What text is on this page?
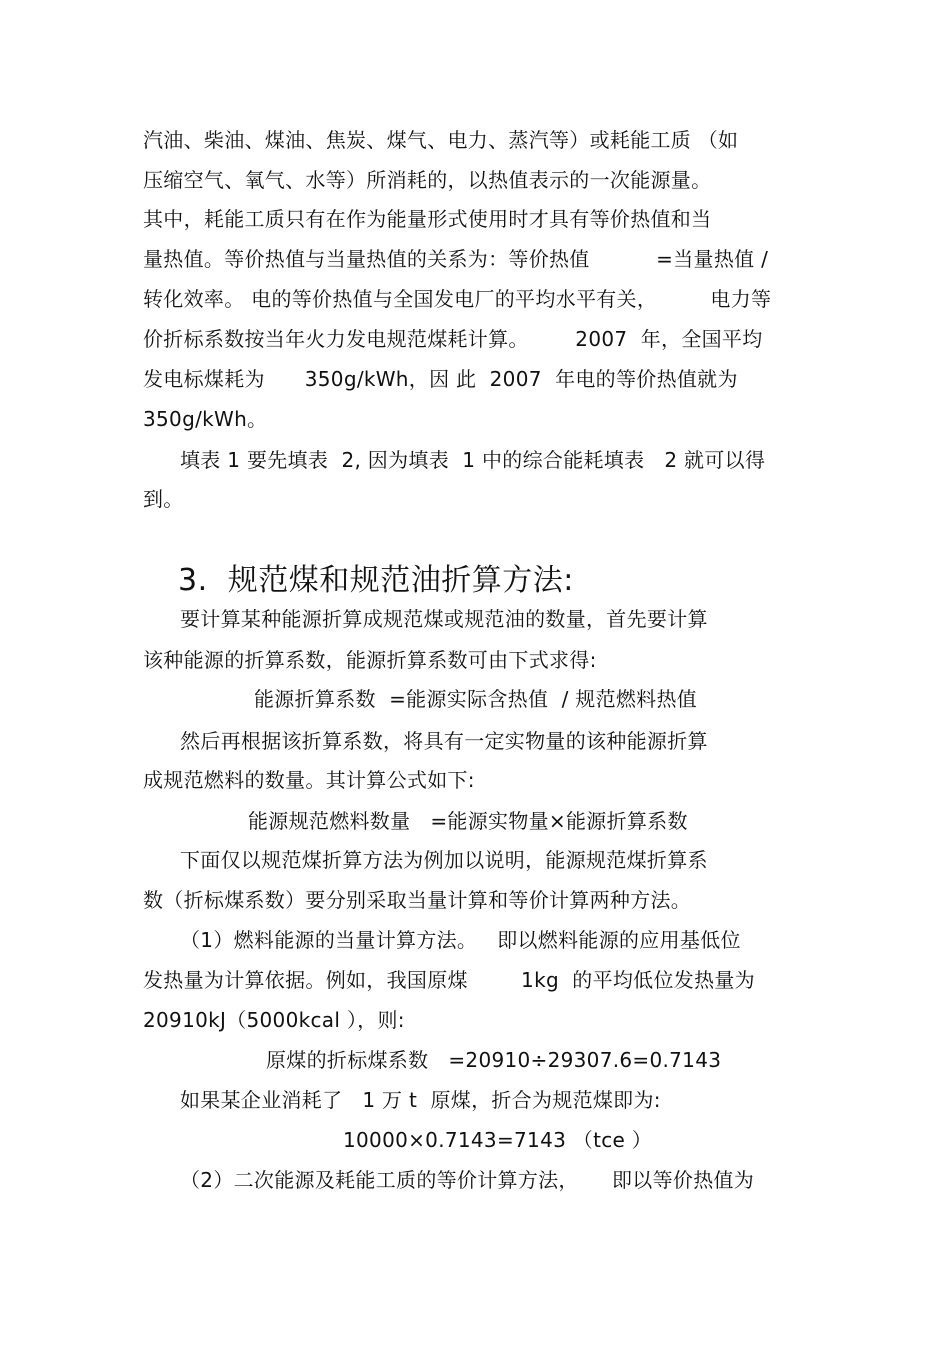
汽油、柴油、煤油、焦炭、煤气、电力、蒸汽等）或耗能工质 （如
压缩空气、氧气、水等）所消耗的，以热值表示的一次能源量。
其中，耗能工质只有在作为能量形式使用时才具有等价热值和当
量热值。等价热值与当量热值的关系为：等价热值          =当量热值 /
转化效率。 电的等价热值与全国发电厂的平均水平有关，        电力等
价折标系数按当年火力发电规范煤耗计算。       2007  年，全国平均
发电标煤耗为      350g/kWh，因 此  2007  年电的等价热值就为
350g/kWh。
填表 1 要先填表  2, 因为填表  1 中的综合能耗填表   2 就可以得
到。
3.  规范煤和规范油折算方法:
要计算某种能源折算成规范煤或规范油的数量，首先要计算
该种能源的折算系数，能源折算系数可由下式求得:
能源折算系数  =能源实际含热值  / 规范燃料热值
然后再根据该折算系数，将具有一定实物量的该种能源折算
成规范燃料的数量。其计算公式如下:
能源规范燃料数量   =能源实物量×能源折算系数
下面仅以规范煤折算方法为例加以说明，能源规范煤折算系
数（折标煤系数）要分别采取当量计算和等价计算两种方法。
（1）燃料能源的当量计算方法。   即以燃料能源的应用基低位
发热量为计算依据。例如，我国原煤        1kg  的平均低位发热量为
20910kJ（5000kcal ），则:
原煤的折标煤系数   =20910÷29307.6=0.7143
如果某企业消耗了   1 万 t  原煤，折合为规范煤即为:
10000×0.7143=7143 （tce ）
（2）二次能源及耗能工质的等价计算方法，     即以等价热值为
